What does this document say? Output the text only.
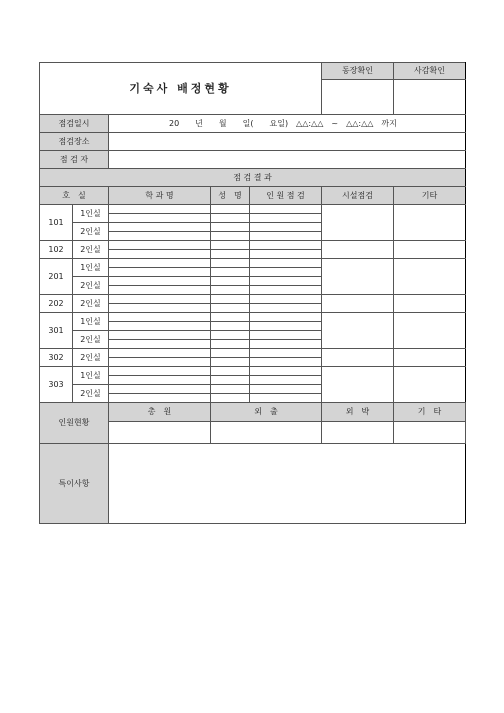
기숙사 배정현황					동장확인	사감확인	

점검일시		20　　년　　월　　일(　　요일)　△△:△△　~　△△:△△　까지					
점검장소							
점 검 자							
점 검 결 과							
호　실		학 과 명	성　명	인 원 점 검	시설점검	기타	
101	1인실						

	2인실						

102	2인실						

201	1인실						

	2인실						

202	2인실						

301	1인실						

	2인실						

302	2인실						

303	1인실						

	2인실						

인원현황		총　원	외　출		외　박	기　타	

특이사항							
